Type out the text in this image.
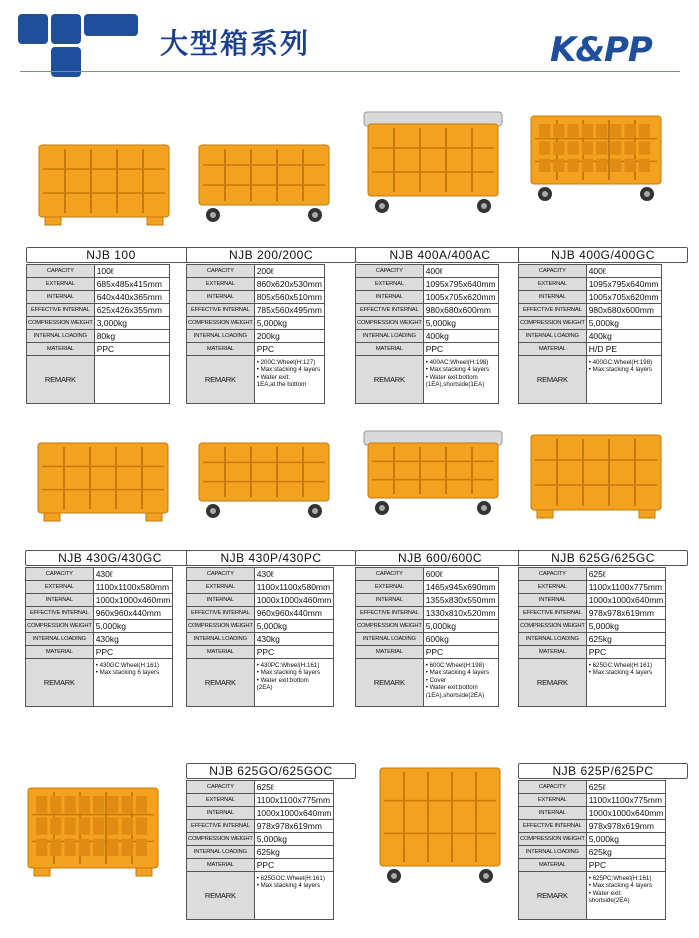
大型箱系列	K&PP
NJB 100
CAPACITY	100ℓ
EXTERNAL	685x485x415mm
INTERNAL	640x440x365mm
EFFECTIVE INTERNAL	625x426x355mm
COMPRESSION WEIGHT	3,000kg
INTERNAL LOADING	80kg
MATERIAL	PPC
REMARK	
NJB 200/200C
CAPACITY	200ℓ
EXTERNAL	860x620x530mm
INTERNAL	805x560x510mm
EFFECTIVE INTERNAL	785x560x495mm
COMPRESSION WEIGHT	5,000kg
INTERNAL LOADING	200kg
MATERIAL	PPC
REMARK	• 200C:Wheel(H:127)
• Max:stacking 4 layers
• Water exit:
1EA,at the bottom
NJB 400A/400AC
CAPACITY	400ℓ
EXTERNAL	1095x795x640mm
INTERNAL	1005x705x620mm
EFFECTIVE INTERNAL	980x680x600mm
COMPRESSION WEIGHT	5,000kg
INTERNAL LOADING	400kg
MATERIAL	PPC
REMARK	• 400AC:Wheel(H:198)
• Max:stacking 4 layers
• Water exit:bottom
(1EA),shortside(1EA)
NJB 400G/400GC
CAPACITY	400ℓ
EXTERNAL	1095x795x640mm
INTERNAL	1005x705x620mm
EFFECTIVE INTERNAL	980x680x600mm
COMPRESSION WEIGHT	5,000kg
INTERNAL LOADING	400kg
MATERIAL	H/D PE
REMARK	• 400GC:Wheel(H:198)
• Max:stacking 4 layers
NJB 430G/430GC
CAPACITY	430ℓ
EXTERNAL	1100x1100x580mm
INTERNAL	1000x1000x460mm
EFFECTIVE INTERNAL	960x960x440mm
COMPRESSION WEIGHT	5,000kg
INTERNAL LOADING	430kg
MATERIAL	PPC
REMARK	• 430GC:Wheel(H:161)
• Max:stacking 6 layers
NJB 430P/430PC
CAPACITY	430ℓ
EXTERNAL	1100x1100x580mm
INTERNAL	1000x1000x460mm
EFFECTIVE INTERNAL	960x960x440mm
COMPRESSION WEIGHT	5,000kg
INTERNAL LOADING	430kg
MATERIAL	PPC
REMARK	• 430PC:Wheel(H:161)
• Max:stacking 6 layers
• Water exit:bottom
(2EA)
NJB 600/600C
CAPACITY	600ℓ
EXTERNAL	1465x945x690mm
INTERNAL	1355x830x550mm
EFFECTIVE INTERNAL	1330x810x520mm
COMPRESSION WEIGHT	5,000kg
INTERNAL LOADING	600kg
MATERIAL	PPC
REMARK	• 600C:Wheel(H:198)
• Max:stacking 4 layers
• Cover
• Water exit:bottom
(1EA),shortside(2EA)
NJB 625G/625GC
CAPACITY	625ℓ
EXTERNAL	1100x1100x775mm
INTERNAL	1000x1000x640mm
EFFECTIVE INTERNAL	978x978x619mm
COMPRESSION WEIGHT	5,000kg
INTERNAL LOADING	625kg
MATERIAL	PPC
REMARK	• 625GC:Wheel(H:161)
• Max:stacking 4 layers
NJB 625GO/625GOC
CAPACITY	625ℓ
EXTERNAL	1100x1100x775mm
INTERNAL	1000x1000x640mm
EFFECTIVE INTERNAL	978x978x619mm
COMPRESSION WEIGHT	5,000kg
INTERNAL LOADING	625kg
MATERIAL	PPC
REMARK	• 625GOC:Wheel(H:161)
• Max:stacking 4 layers
NJB 625P/625PC
CAPACITY	625ℓ
EXTERNAL	1100x1100x775mm
INTERNAL	1000x1000x640mm
EFFECTIVE INTERNAL	978x978x619mm
COMPRESSION WEIGHT	5,000kg
INTERNAL LOADING	625kg
MATERIAL	PPC
REMARK	• 625PC:Wheel(H:161)
• Max:stacking 4 layers
• Water exit:
shortside(2EA)
